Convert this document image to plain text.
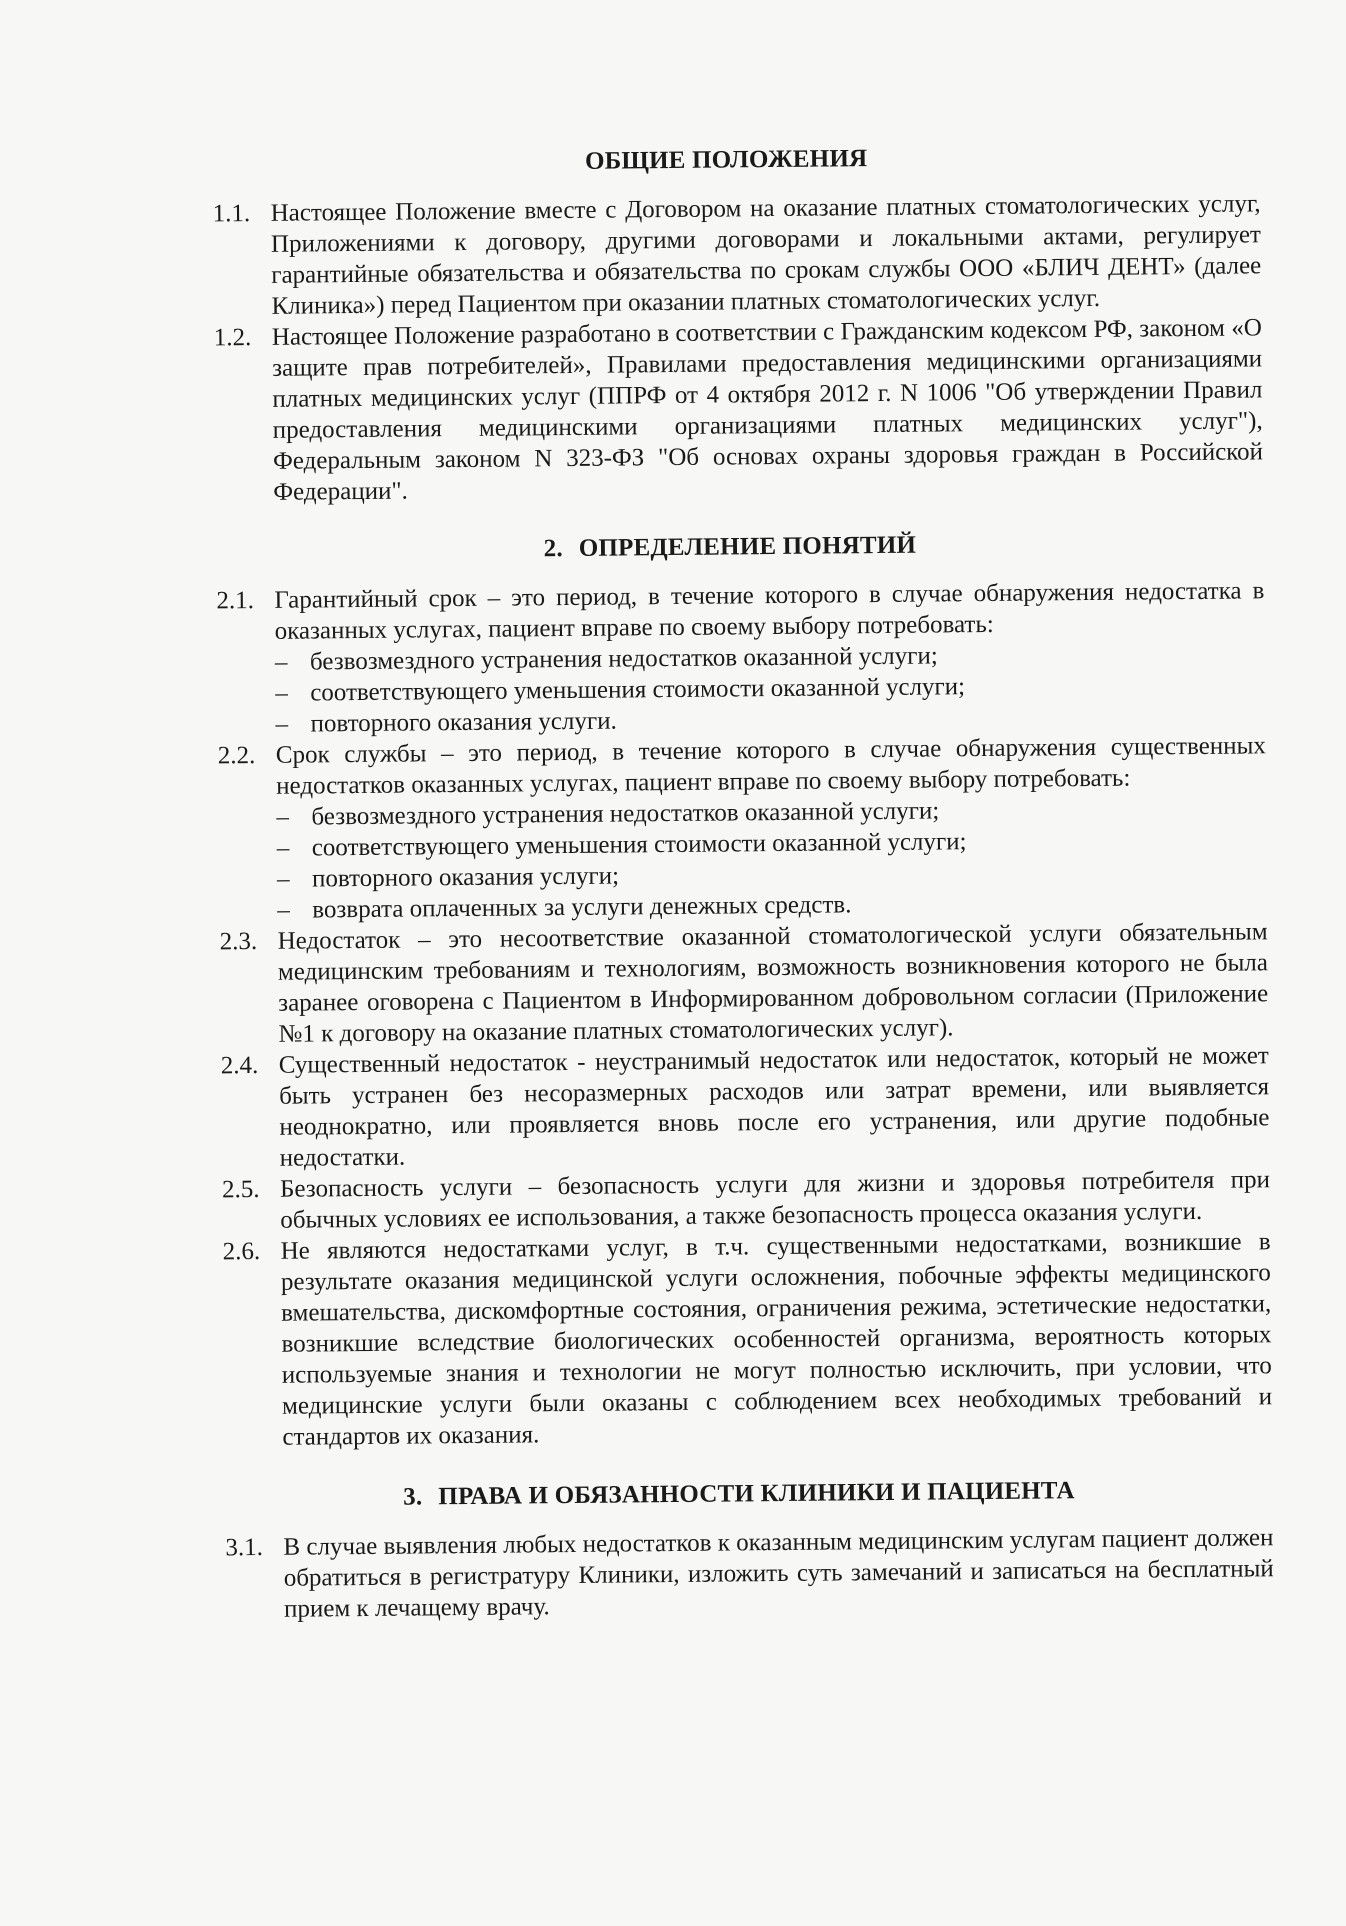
ОБЩИЕ ПОЛОЖЕНИЯ
1.1. Настоящее Положение вместе с Договором на оказание платных стоматологических услуг, Приложениями к договору, другими договорами и локальными актами, регулирует гарантийные обязательства и обязательства по срокам службы ООО «БЛИЧ ДЕНТ» (далее Клиника») перед Пациентом при оказании платных стоматологических услуг.
1.2. Настоящее Положение разработано в соответствии с Гражданским кодексом РФ, законом «О защите прав потребителей», Правилами предоставления медицинскими организациями платных медицинских услуг (ППРФ от 4 октября 2012 г. N 1006 "Об утверждении Правил предоставления медицинскими организациями платных медицинских услуг"), Федеральным законом N 323-ФЗ "Об основах охраны здоровья граждан в Российской Федерации".
2. ОПРЕДЕЛЕНИЕ ПОНЯТИЙ
2.1. Гарантийный срок – это период, в течение которого в случае обнаружения недостатка в оказанных услугах, пациент вправе по своему выбору потребовать:
– безвозмездного устранения недостатков оказанной услуги;
– соответствующего уменьшения стоимости оказанной услуги;
– повторного оказания услуги.
2.2. Срок службы – это период, в течение которого в случае обнаружения существенных недостатков оказанных услугах, пациент вправе по своему выбору потребовать:
– безвозмездного устранения недостатков оказанной услуги;
– соответствующего уменьшения стоимости оказанной услуги;
– повторного оказания услуги;
– возврата оплаченных за услуги денежных средств.
2.3. Недостаток – это несоответствие оказанной стоматологической услуги обязательным медицинским требованиям и технологиям, возможность возникновения которого не была заранее оговорена с Пациентом в Информированном добровольном согласии (Приложение №1 к договору на оказание платных стоматологических услуг).
2.4. Существенный недостаток - неустранимый недостаток или недостаток, который не может быть устранен без несоразмерных расходов или затрат времени, или выявляется неоднократно, или проявляется вновь после его устранения, или другие подобные недостатки.
2.5. Безопасность услуги – безопасность услуги для жизни и здоровья потребителя при обычных условиях ее использования, а также безопасность процесса оказания услуги.
2.6. Не являются недостатками услуг, в т.ч. существенными недостатками, возникшие в результате оказания медицинской услуги осложнения, побочные эффекты медицинского вмешательства, дискомфортные состояния, ограничения режима, эстетические недостатки, возникшие вследствие биологических особенностей организма, вероятность которых используемые знания и технологии не могут полностью исключить, при условии, что медицинские услуги были оказаны с соблюдением всех необходимых требований и стандартов их оказания.
3. ПРАВА И ОБЯЗАННОСТИ КЛИНИКИ И ПАЦИЕНТА
3.1. В случае выявления любых недостатков к оказанным медицинским услугам пациент должен обратиться в регистратуру Клиники, изложить суть замечаний и записаться на бесплатный прием к лечащему врачу.
